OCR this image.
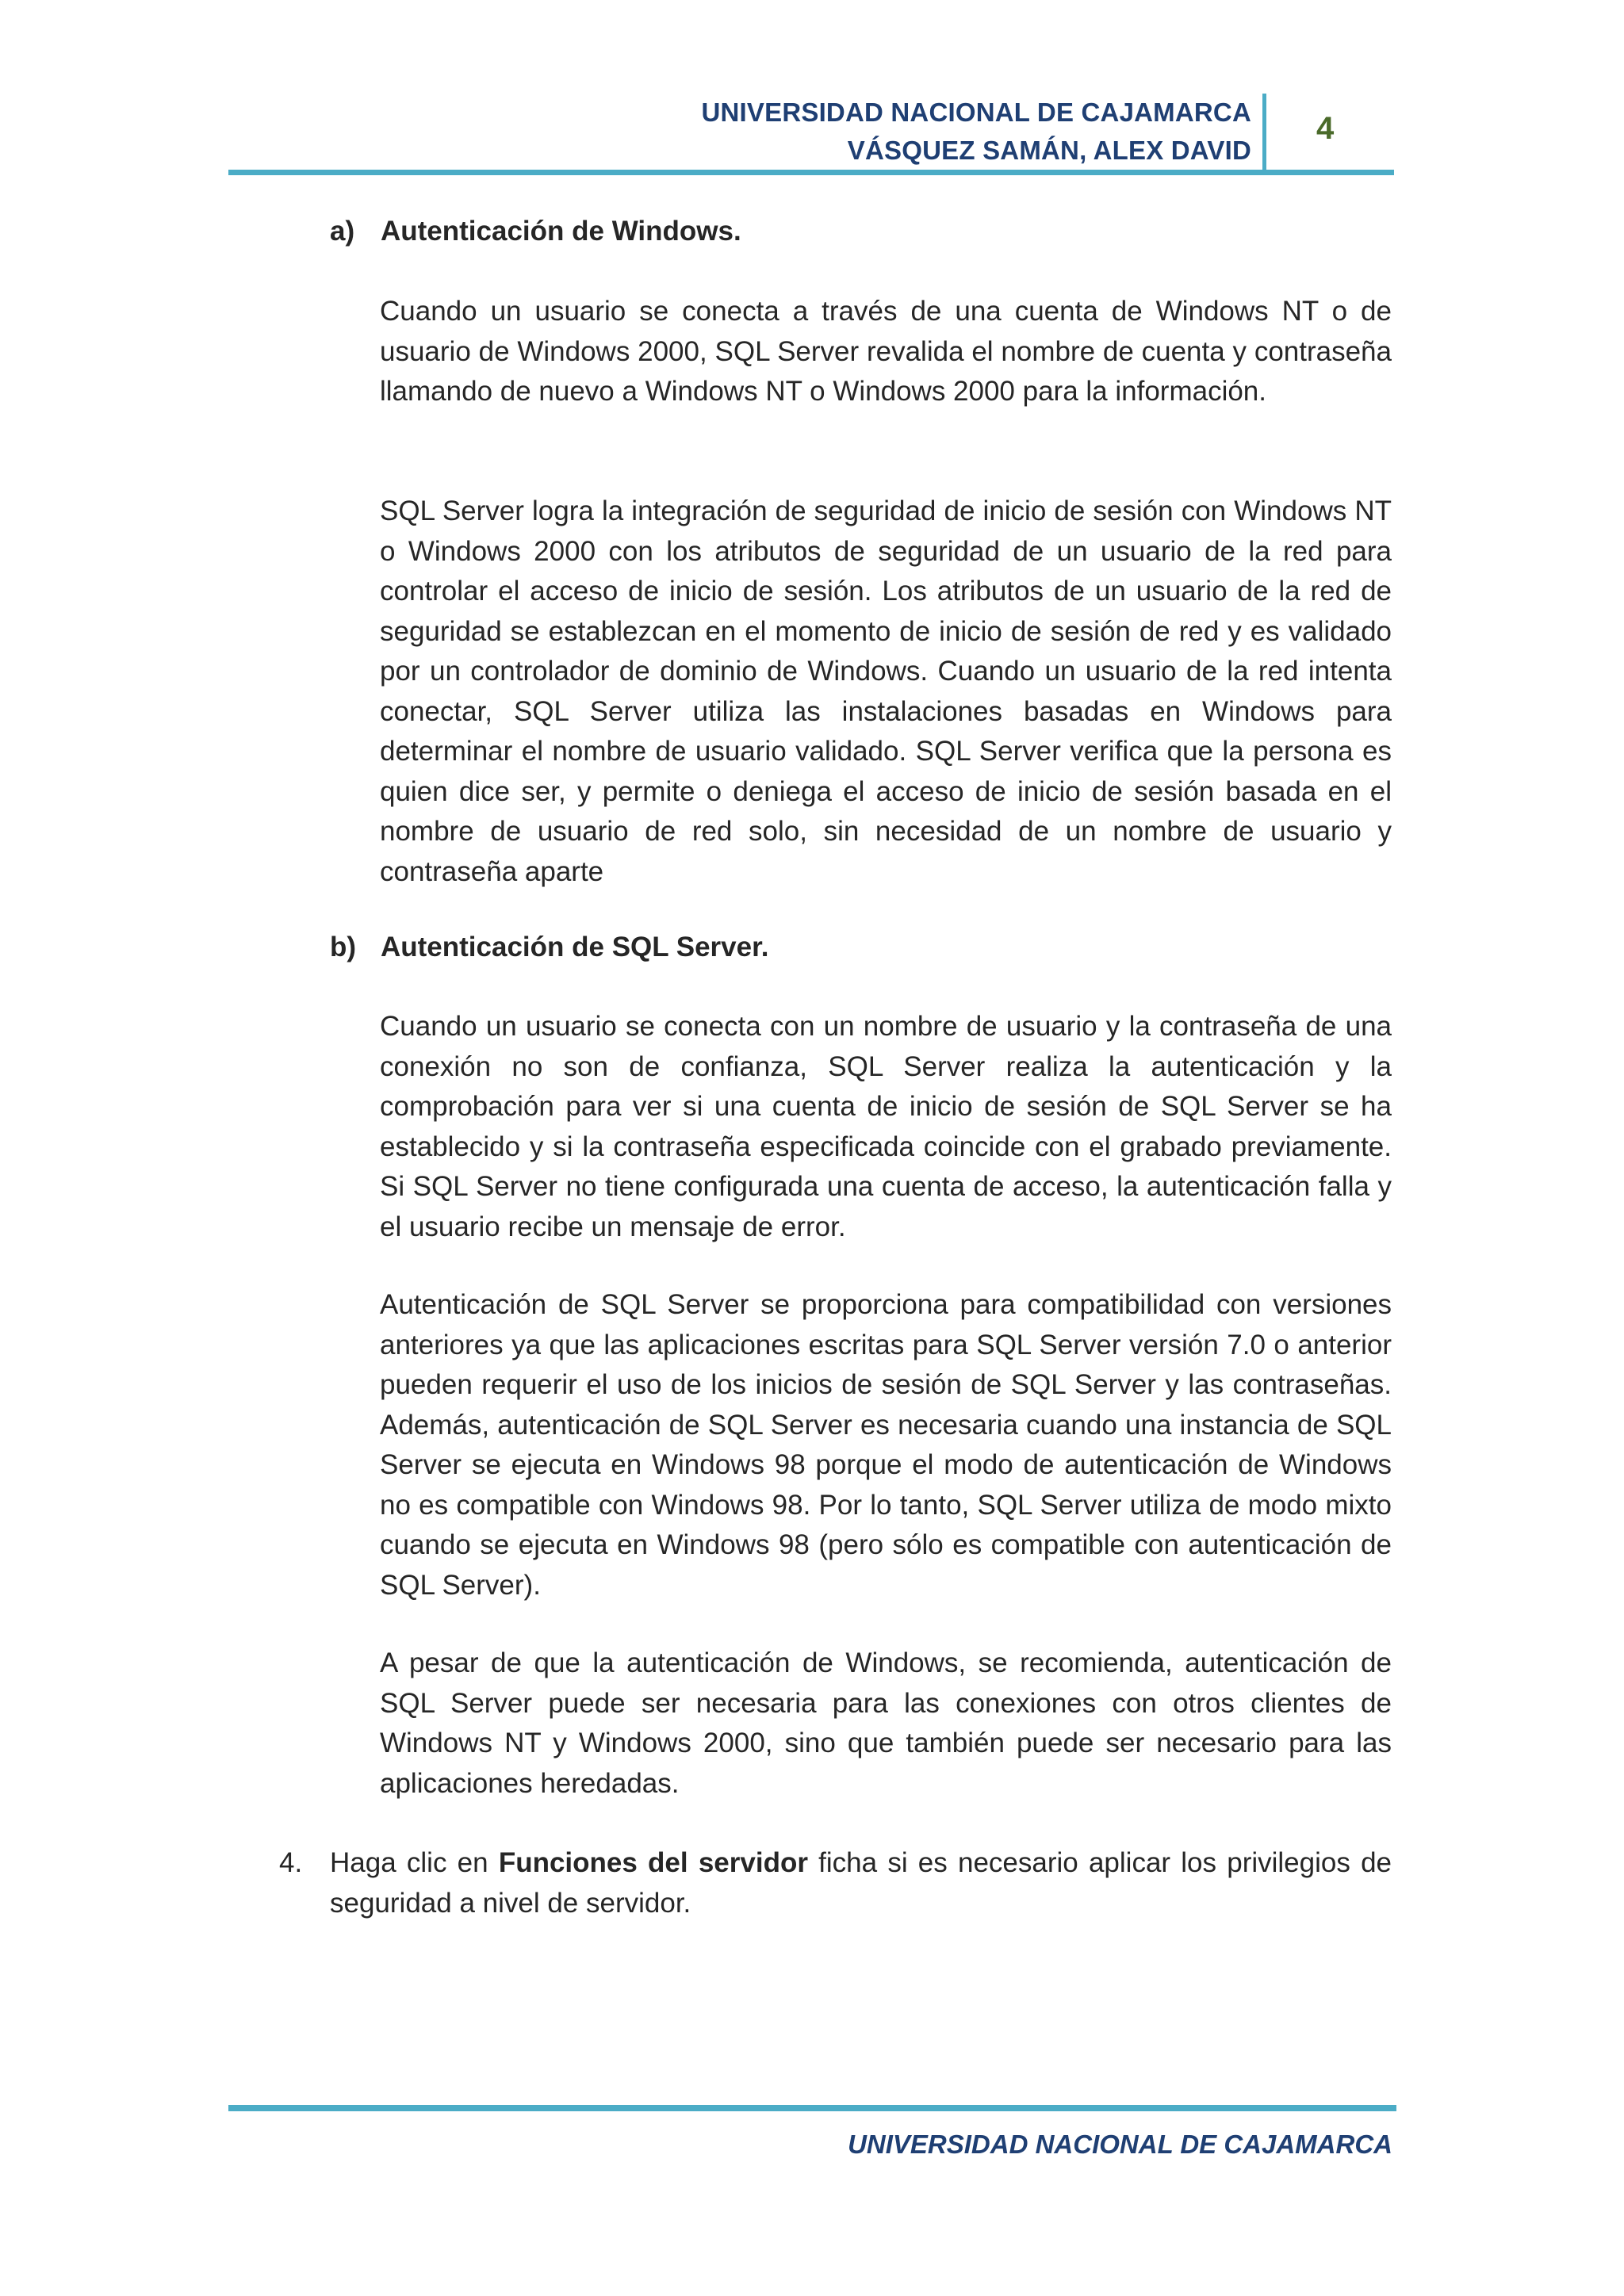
UNIVERSIDAD NACIONAL DE CAJAMARCA
VÁSQUEZ SAMÁN, ALEX DAVID
4
a) Autenticación de Windows.

Cuando un usuario se conecta a través de una cuenta de Windows NT o de usuario de Windows 2000, SQL Server revalida el nombre de cuenta y contraseña llamando de nuevo a Windows NT o Windows 2000 para la información.

SQL Server logra la integración de seguridad de inicio de sesión con Windows NT o Windows 2000 con los atributos de seguridad de un usuario de la red para controlar el acceso de inicio de sesión. Los atributos de un usuario de la red de seguridad se establezcan en el momento de inicio de sesión de red y es validado por un controlador de dominio de Windows. Cuando un usuario de la red intenta conectar, SQL Server utiliza las instalaciones basadas en Windows para determinar el nombre de usuario validado. SQL Server verifica que la persona es quien dice ser, y permite o deniega el acceso de inicio de sesión basada en el nombre de usuario de red solo, sin necesidad de un nombre de usuario y contraseña aparte

b) Autenticación de SQL Server.

Cuando un usuario se conecta con un nombre de usuario y la contraseña de una conexión no son de confianza, SQL Server realiza la autenticación y la comprobación para ver si una cuenta de inicio de sesión de SQL Server se ha establecido y si la contraseña especificada coincide con el grabado previamente. Si SQL Server no tiene configurada una cuenta de acceso, la autenticación falla y el usuario recibe un mensaje de error.

Autenticación de SQL Server se proporciona para compatibilidad con versiones anteriores ya que las aplicaciones escritas para SQL Server versión 7.0 o anterior pueden requerir el uso de los inicios de sesión de SQL Server y las contraseñas. Además, autenticación de SQL Server es necesaria cuando una instancia de SQL Server se ejecuta en Windows 98 porque el modo de autenticación de Windows no es compatible con Windows 98. Por lo tanto, SQL Server utiliza de modo mixto cuando se ejecuta en Windows 98 (pero sólo es compatible con autenticación de SQL Server).

A pesar de que la autenticación de Windows, se recomienda, autenticación de SQL Server puede ser necesaria para las conexiones con otros clientes de Windows NT y Windows 2000, sino que también puede ser necesario para las aplicaciones heredadas.

4. Haga clic en Funciones del servidor ficha si es necesario aplicar los privilegios de seguridad a nivel de servidor.
UNIVERSIDAD NACIONAL DE CAJAMARCA
